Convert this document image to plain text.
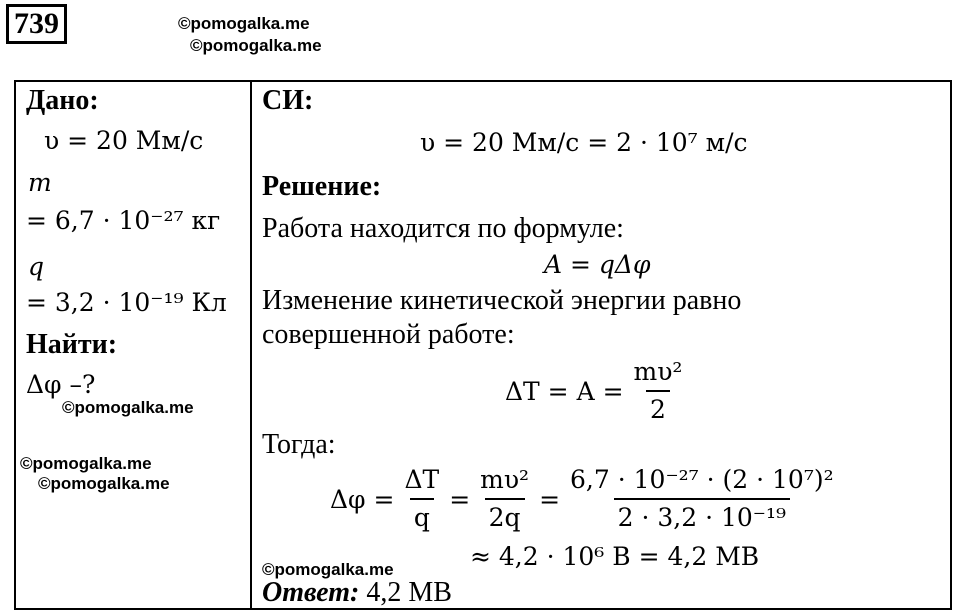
739	©pomogalka.me
©pomogalka.me
Дано:
υ = 20 Мм/с
m
= 6,7 · 10⁻²⁷ кг
q
= 3,2 · 10⁻¹⁹ Кл
Найти:
Δφ –?
©pomogalka.me
©pomogalka.me
©pomogalka.me
СИ:
υ = 20 Мм/с = 2 · 10⁷ м/с
Решение:
Работа находится по формуле:
A = qΔφ
Изменение кинетической энергии равно
совершенной работе:
$\Delta T = A = \frac{\text{mυ²}}{2}$
Тогда:
$\Delta\varphi = \frac{\Delta T}{q} = \frac{\text{mυ²}}{2q} = \frac{\text{6,7 · 10⁻²⁷ · (2 · 10⁷)²}}{\text{2 · 3,2 · 10⁻¹⁹}}$
≈ 4,2 · 10⁶ В = 4,2 МВ
©pomogalka.me
Ответ: 4,2 МВ
